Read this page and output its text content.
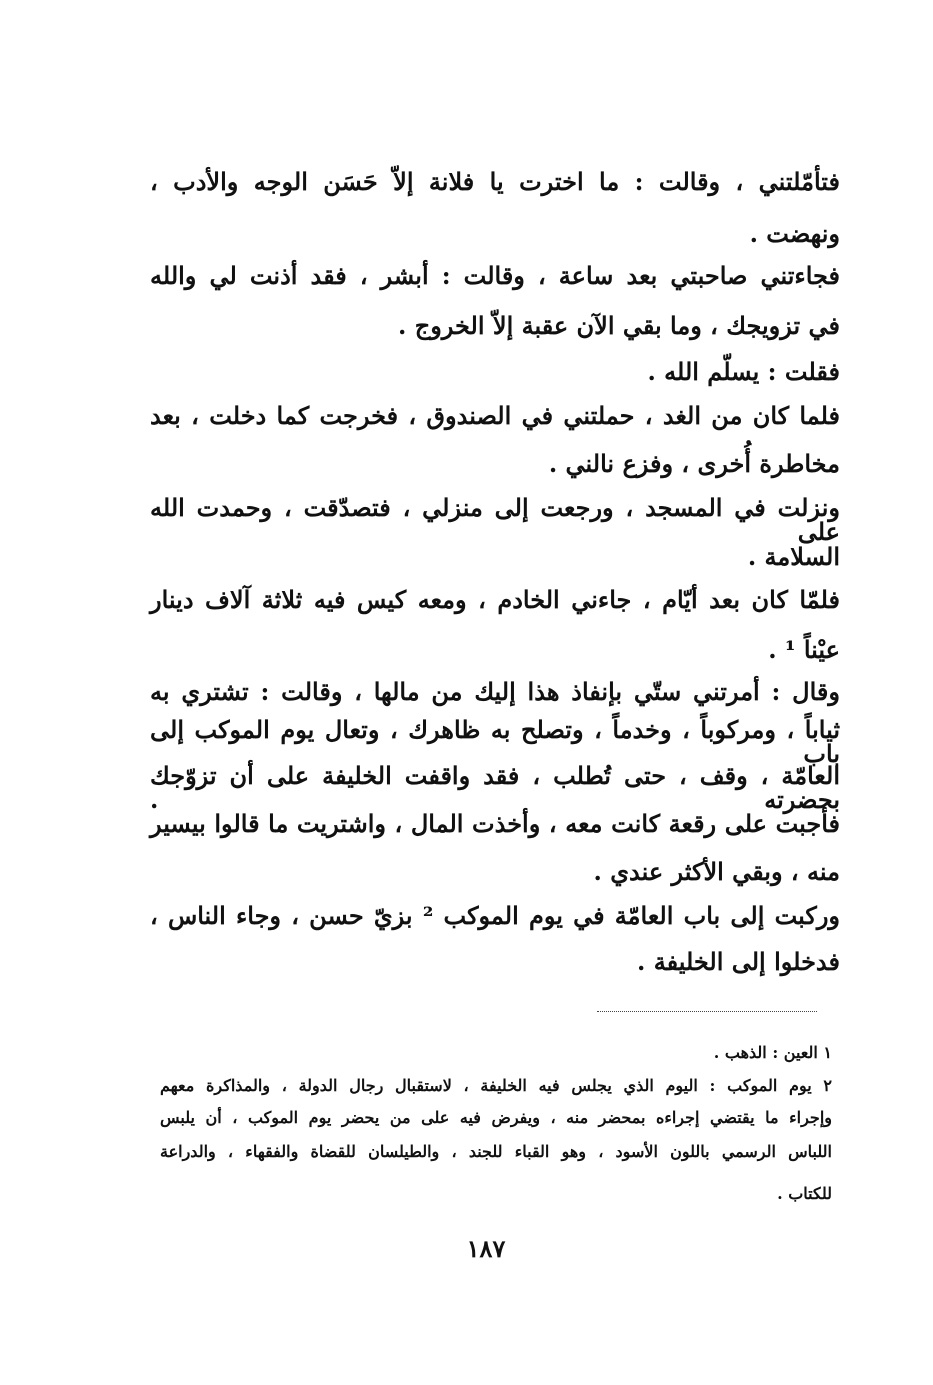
فتأمّلتني ، وقالت : ما اخترت يا فلانة إلاّ حَسَن الوجه والأدب ،
ونهضت .
فجاءتني صاحبتي بعد ساعة ، وقالت : أبشر ، فقد أذنت لي والله
في تزويجك ، وما بقي الآن عقبة إلاّ الخروج .
فقلت : يسلّم الله .
فلما كان من الغد ، حملتني في الصندوق ، فخرجت كما دخلت ، بعد
مخاطرة أُخرى ، وفزع نالني .
ونزلت في المسجد ، ورجعت إلى منزلي ، فتصدّقت ، وحمدت الله على
السلامة .
فلمّا كان بعد أيّام ، جاءني الخادم ، ومعه كيس فيه ثلاثة آلاف دينار
عيْناً ¹ .
وقال : أمرتني ستّي بإنفاذ هذا إليك من مالها ، وقالت : تشتري به
ثياباً ، ومركوباً ، وخدماً ، وتصلح به ظاهرك ، وتعال يوم الموكب إلى باب
العامّة ، وقف ، حتى تُطلب ، فقد واقفت الخليفة على أن تزوّجك بحضرته .
فأجبت على رقعة كانت معه ، وأخذت المال ، واشتريت ما قالوا بيسير
منه ، وبقي الأكثر عندي .
وركبت إلى باب العامّة في يوم الموكب ² بزيّ حسن ، وجاء الناس ،
فدخلوا إلى الخليفة .
١ العين : الذهب .
٢ يوم الموكب : اليوم الذي يجلس فيه الخليفة ، لاستقبال رجال الدولة ، والمذاكرة معهم
وإجراء ما يقتضي إجراءه بمحضر منه ، ويفرض فيه على من يحضر يوم الموكب ، أن يلبس
اللباس الرسمي باللون الأسود ، وهو القباء للجند ، والطيلسان للقضاة والفقهاء ، والدراعة
للكتاب .
١٨٧
